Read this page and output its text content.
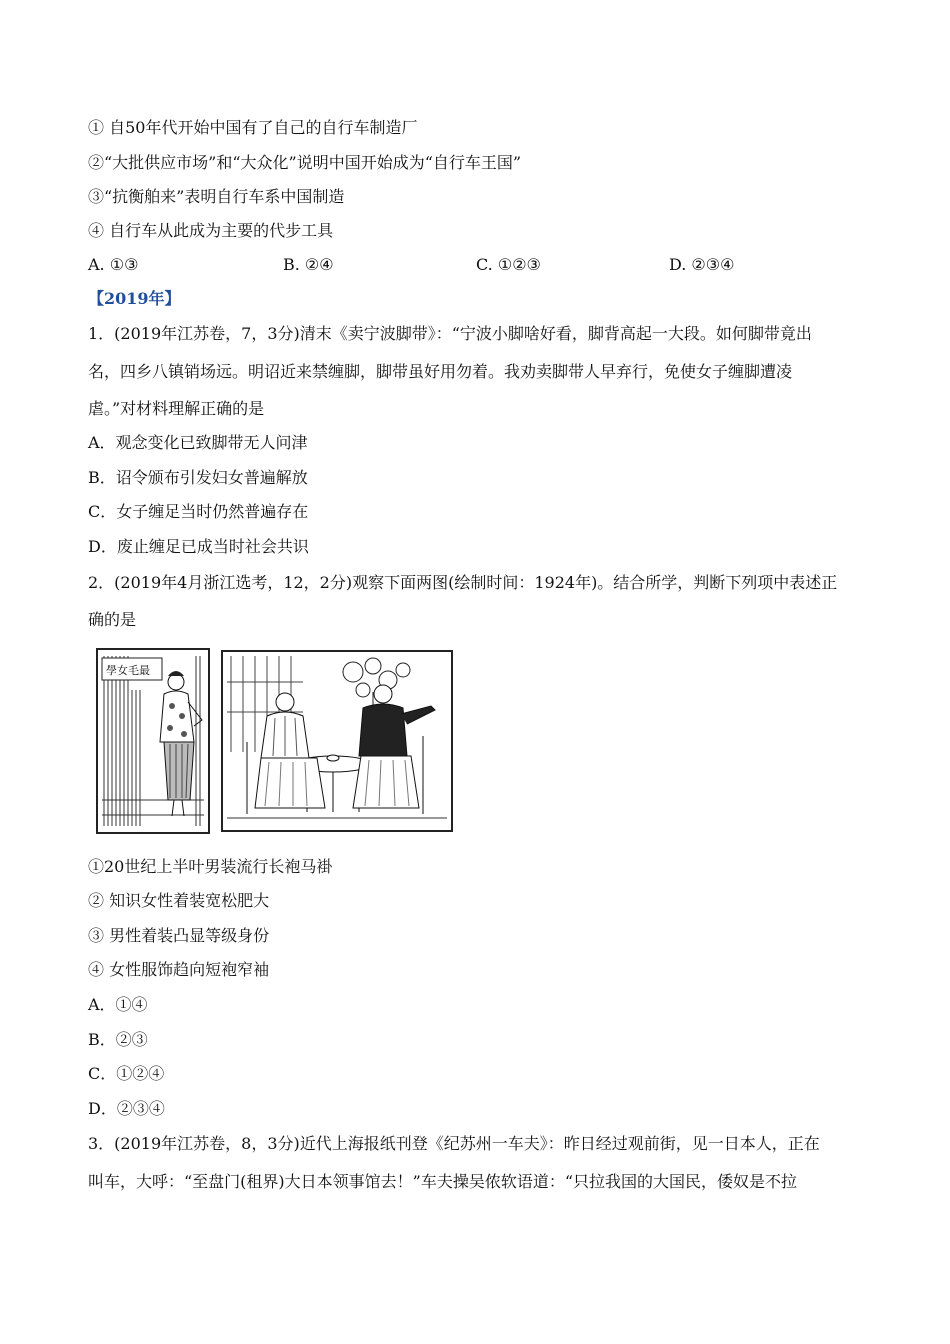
① 自50年代开始中国有了自己的自行车制造厂
②“大批供应市场”和“大众化”说明中国开始成为“自行车王国”
③“抗衡舶来”表明自行车系中国制造
④ 自行车从此成为主要的代步工具
A. ①③	B. ②④	C. ①②③	D. ②③④
【2019年】
1．(2019年江苏卷，7，3分)清末《卖宁波脚带》：“宁波小脚啥好看，脚背高起一大段。如何脚带竟出
名，四乡八镇销场远。明诏近来禁缠脚，脚带虽好用勿着。我劝卖脚带人早弃行，免使女子缠脚遭凌
虐。”对材料理解正确的是
A．观念变化已致脚带无人问津
B．诏令颁布引发妇女普遍解放
C．女子缠足当时仍然普遍存在
D．废止缠足已成当时社会共识
2．(2019年4月浙江选考，12，2分)观察下面两图(绘制时间：1924年)。结合所学，判断下列项中表述正
确的是
學女毛最
①20世纪上半叶男装流行长袍马褂
② 知识女性着装宽松肥大
③ 男性着装凸显等级身份
④ 女性服饰趋向短袍窄袖
A．①④
B．②③
C．①②④
D．②③④
3．(2019年江苏卷，8，3分)近代上海报纸刊登《纪苏州一车夫》：昨日经过观前街，见一日本人，正在
叫车，大呼：“至盘门(租界)大日本领事馆去！”车夫操吴侬软语道：“只拉我国的大国民，倭奴是不拉
